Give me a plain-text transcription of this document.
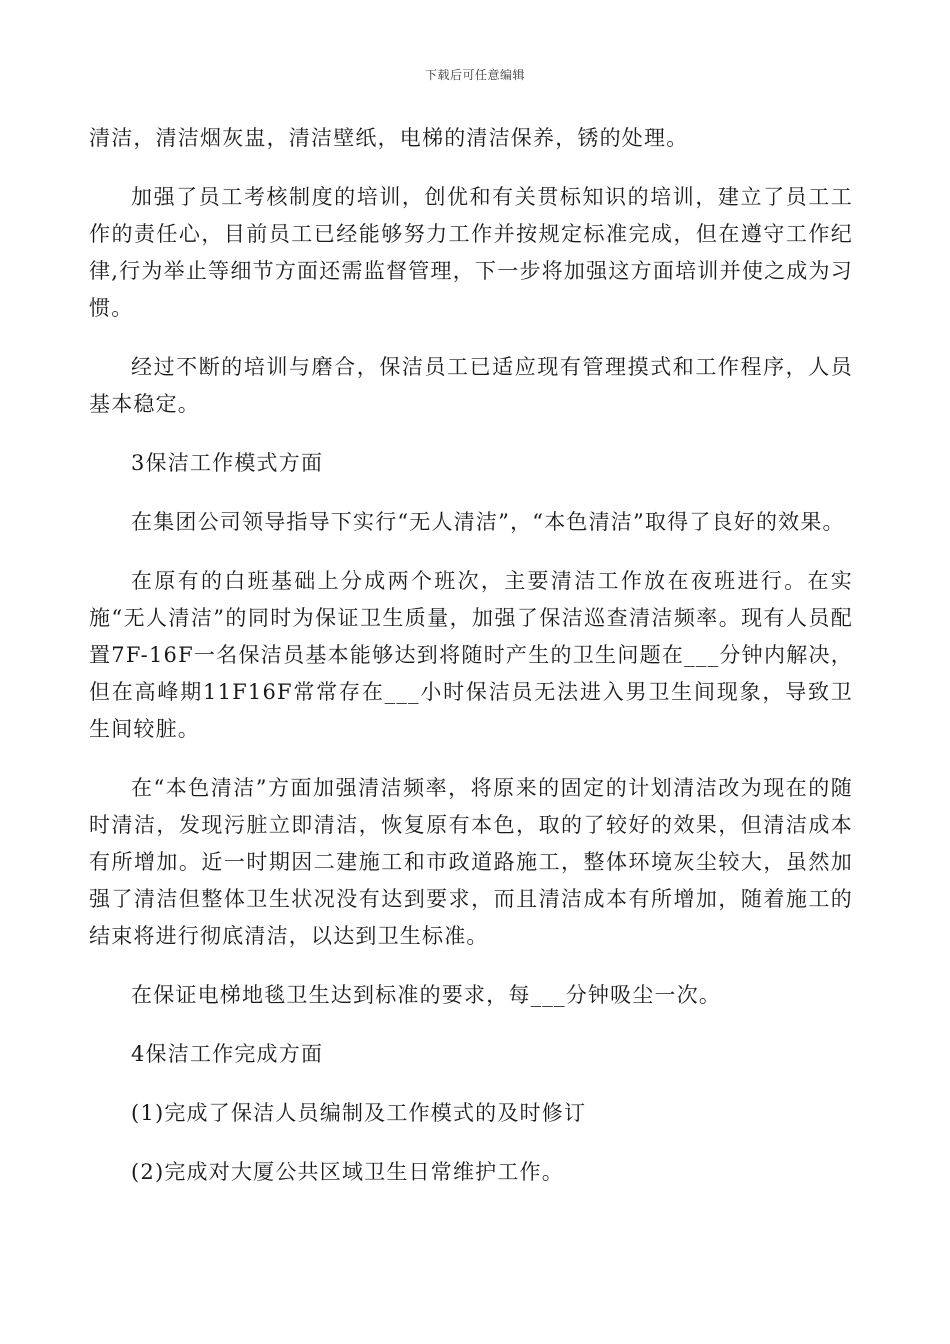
下载后可任意编辑

清洁，清洁烟灰盅，清洁壁纸，电梯的清洁保养，锈的处理。

加强了员工考核制度的培训，创优和有关贯标知识的培训，建立了员工工作的责任心，目前员工已经能够努力工作并按规定标准完成，但在遵守工作纪律,行为举止等细节方面还需监督管理，下一步将加强这方面培训并使之成为习惯。

经过不断的培训与磨合，保洁员工已适应现有管理摸式和工作程序，人员基本稳定。

3保洁工作模式方面

在集团公司领导指导下实行“无人清洁”，“本色清洁”取得了良好的效果。

在原有的白班基础上分成两个班次，主要清洁工作放在夜班进行。在实施“无人清洁”的同时为保证卫生质量，加强了保洁巡查清洁频率。现有人员配置7F-16F一名保洁员基本能够达到将随时产生的卫生问题在___分钟内解决，但在高峰期11F16F常常存在___小时保洁员无法进入男卫生间现象，导致卫生间较脏。

在“本色清洁”方面加强清洁频率，将原来的固定的计划清洁改为现在的随时清洁，发现污脏立即清洁，恢复原有本色，取的了较好的效果，但清洁成本有所增加。近一时期因二建施工和市政道路施工，整体环境灰尘较大，虽然加强了清洁但整体卫生状况没有达到要求，而且清洁成本有所增加，随着施工的结束将进行彻底清洁，以达到卫生标准。

在保证电梯地毯卫生达到标准的要求，每___分钟吸尘一次。

4保洁工作完成方面

(1)完成了保洁人员编制及工作模式的及时修订

(2)完成对大厦公共区域卫生日常维护工作。
